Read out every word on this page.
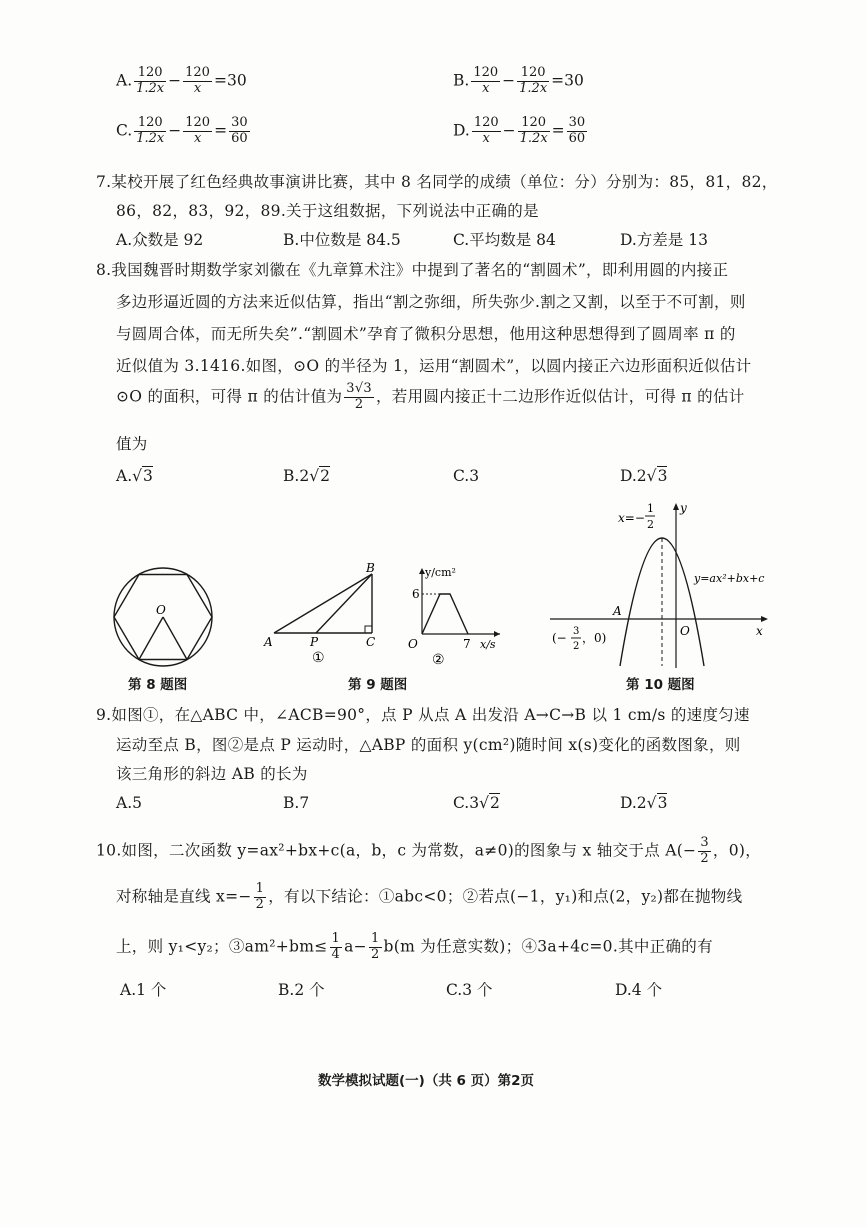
A. $\frac{120}{1.2x} - \frac{120}{x} =30$	B. $\frac{120}{x} - \frac{120}{1.2x} =30$
C. $\frac{120}{1.2x} - \frac{120}{x} = \frac{30}{60}$	D. $\frac{120}{x} - \frac{120}{1.2x} = \frac{30}{60}$
7.某校开展了红色经典故事演讲比赛，其中 8 名同学的成绩（单位：分）分别为：85，81，82，
86，82，83，92，89.关于这组数据，下列说法中正确的是
A.众数是 92	B.中位数是 84.5	C.平均数是 84	D.方差是 13
8.我国魏晋时期数学家刘徽在《九章算术注》中提到了著名的“割圆术”，即利用圆的内接正
多边形逼近圆的方法来近似估算，指出“割之弥细，所失弥少.割之又割，以至于不可割，则
与圆周合体，而无所失矣”.“割圆术”孕育了微积分思想，他用这种思想得到了圆周率 π 的
近似值为 3.1416.如图，⊙O 的半径为 1，运用“割圆术”，以圆内接正六边形面积近似估计
⊙O 的面积，可得 π 的估计值为 $\frac{3√3}{2}$ ，若用圆内接正十二边形作近似估计，可得 π 的估计
值为
A.√3	B.2√2	C.3	D.2√3
O
第 8 题图
A
B
C
P
①
y/cm²
6
7 x/s
O
②
第 9 题图
x=−
1
2
y
y=ax²+bx+c
A
O	x
(− 3
2
，0)
第 10 题图
9.如图①，在△ABC 中，∠ACB=90°，点 P 从点 A 出发沿 A→C→B 以 1 cm/s 的速度匀速
运动至点 B，图②是点 P 运动时，△ABP 的面积 y(cm²)随时间 x(s)变化的函数图象，则
该三角形的斜边 AB 的长为
A.5	B.7	C.3√2	D.2√3
10.如图，二次函数 y=ax²+bx+c(a，b，c 为常数，a≠0)的图象与 x 轴交于点 $A(- \frac{3}{2}$ ，0)，
对称轴是直线 $x=- \frac{1}{2}$ ，有以下结论：①abc<0；②若点(−1，y₁)和点(2，y₂)都在抛物线
上，则 y₁<y₂；③am²+bm≤ $\frac{1}{4} a- \frac{1}{2} b(m$ 为任意实数)；④3a+4c=0.其中正确的有
A.1 个	B.2 个	C.3 个	D.4 个
数学模拟试题(一)（共 6 页）第2页
